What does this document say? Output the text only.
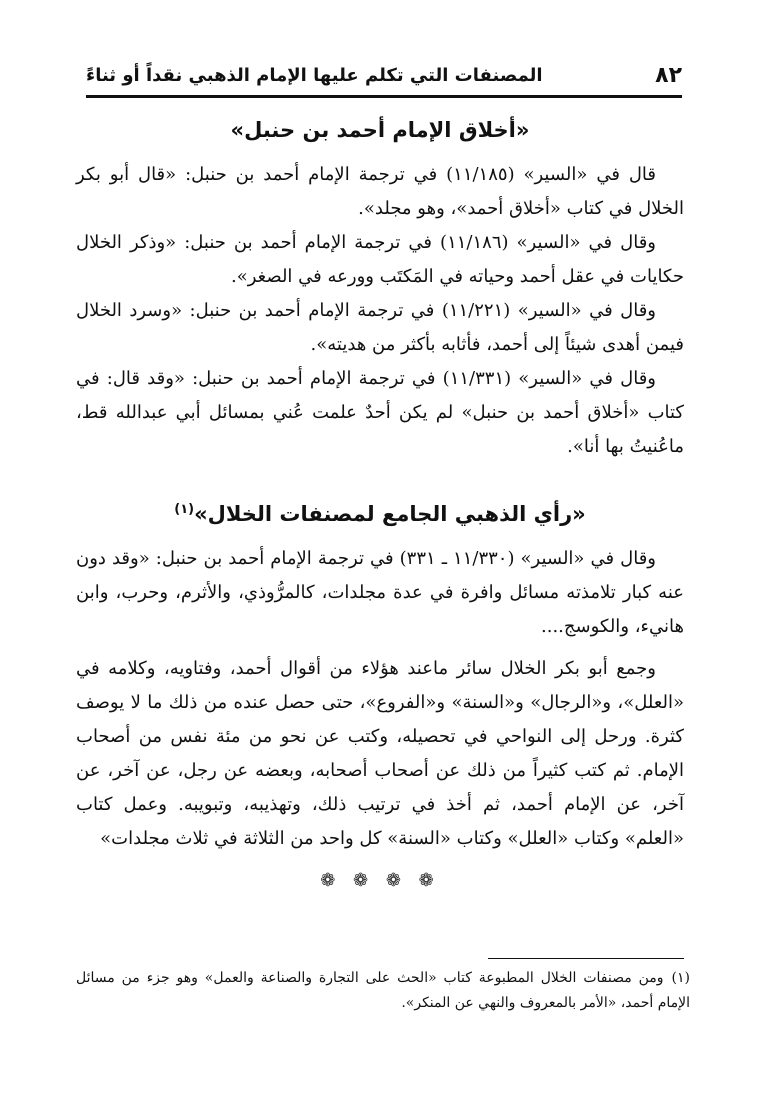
٨٢
المصنفات التي تكلم عليها الإمام الذهبي نقداً أو ثناءً
«أخلاق الإمام أحمد بن حنبل»

قال في «السير» (١١/١٨٥) في ترجمة الإمام أحمد بن حنبل: «قال أبو بكر الخلال في كتاب «أخلاق أحمد»، وهو مجلد».

وقال في «السير» (١١/١٨٦) في ترجمة الإمام أحمد بن حنبل: «وذكر الخلال حكايات في عقل أحمد وحياته في المَكتَب وورعه في الصغر».

وقال في «السير» (١١/٢٢١) في ترجمة الإمام أحمد بن حنبل: «وسرد الخلال فيمن أهدى شيئاً إلى أحمد، فأثابه بأكثر من هديته».

وقال في «السير» (١١/٣٣١) في ترجمة الإمام أحمد بن حنبل: «وقد قال: في كتاب «أخلاق أحمد بن حنبل» لم يكن أحدٌ علمت عُني بمسائل أبي عبدالله قط، ماعُنيتُ بها أنا».

«رأي الذهبي الجامع لمصنفات الخلال»$^{(١)}$

وقال في «السير» (١١/٣٣٠ ـ ٣٣١) في ترجمة الإمام أحمد بن حنبل: «وقد دون عنه كبار تلامذته مسائل وافرة في عدة مجلدات، كالمرُّوذي، والأثرم، وحرب، وابن هانيء، والكوسج....

وجمع أبو بكر الخلال سائر ماعند هؤلاء من أقوال أحمد، وفتاويه، وكلامه في «العلل»، و«الرجال» و«السنة» و«الفروع»، حتى حصل عنده من ذلك ما لا يوصف كثرة. ورحل إلى النواحي في تحصيله، وكتب عن نحو من مئة نفس من أصحاب الإمام. ثم كتب كثيراً من ذلك عن أصحاب أصحابه، وبعضه عن رجل، عن آخر، عن آخر، عن الإمام أحمد، ثم أخذ في ترتيب ذلك، وتهذيبه، وتبويبه. وعمل كتاب «العلم» وكتاب «العلل» وكتاب «السنة» كل واحد من الثلاثة في ثلاث مجلدات»

❁ ❁ ❁ ❁
(١)ومن مصنفات الخلال المطبوعة كتاب «الحث على التجارة والصناعة والعمل» وهو جزء من مسائل الإمام أحمد، «الأمر بالمعروف والنهي عن المنكر».
